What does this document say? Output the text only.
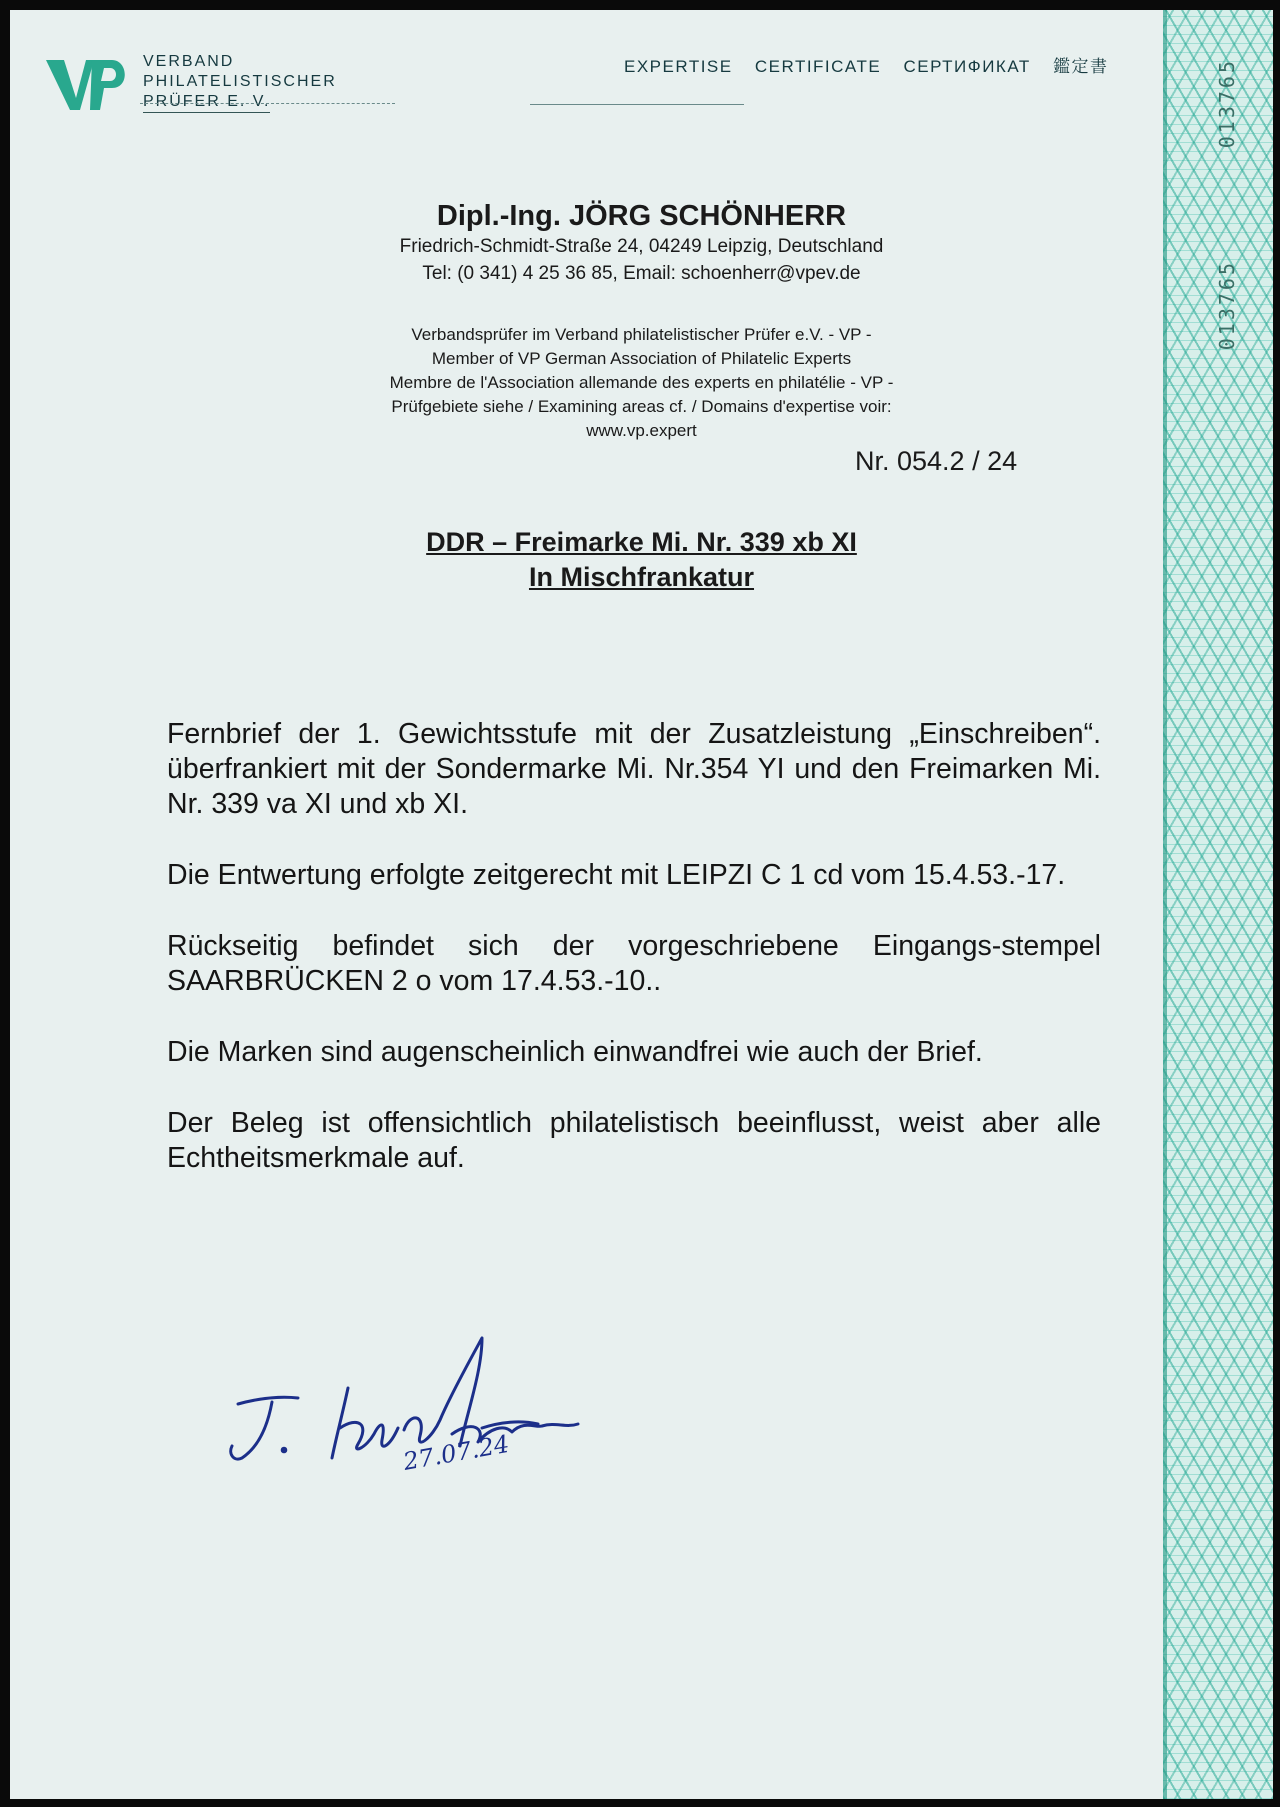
013765
013765
VERBAND
PHILATELISTISCHER
PRÜFER E. V.
EXPERTISE CERTIFICATE СЕРТИФИКАТ 鑑定書
Dipl.-Ing. JÖRG SCHÖNHERR
Friedrich-Schmidt-Straße 24, 04249 Leipzig, Deutschland
Tel: (0 341) 4 25 36 85, Email: schoenherr@vpev.de
Verbandsprüfer im Verband philatelistischer Prüfer e.V. - VP -
Member of VP German Association of Philatelic Experts
Membre de l'Association allemande des experts en philatélie - VP -
Prüfgebiete siehe / Examining areas cf. / Domains d'expertise voir:
www.vp.expert
Nr. 054.2 / 24
DDR – Freimarke Mi. Nr. 339 xb XI
In Mischfrankatur

Fernbrief der 1. Gewichtsstufe mit der Zusatzleistung „Einschreiben“. überfrankiert mit der Sondermarke Mi. Nr.354 YI und den Freimarken Mi. Nr. 339 va XI und xb XI.

Die Entwertung erfolgte zeitgerecht mit LEIPZI C 1 cd vom 15.4.53.-17.

Rückseitig befindet sich der vorgeschriebene Eingangs-stempel SAARBRÜCKEN 2 o vom 17.4.53.-10..

Die Marken sind augenscheinlich einwandfrei wie auch der Brief.

Der Beleg ist offensichtlich philatelistisch beeinflusst, weist aber alle Echtheitsmerkmale auf.

27.07.24
